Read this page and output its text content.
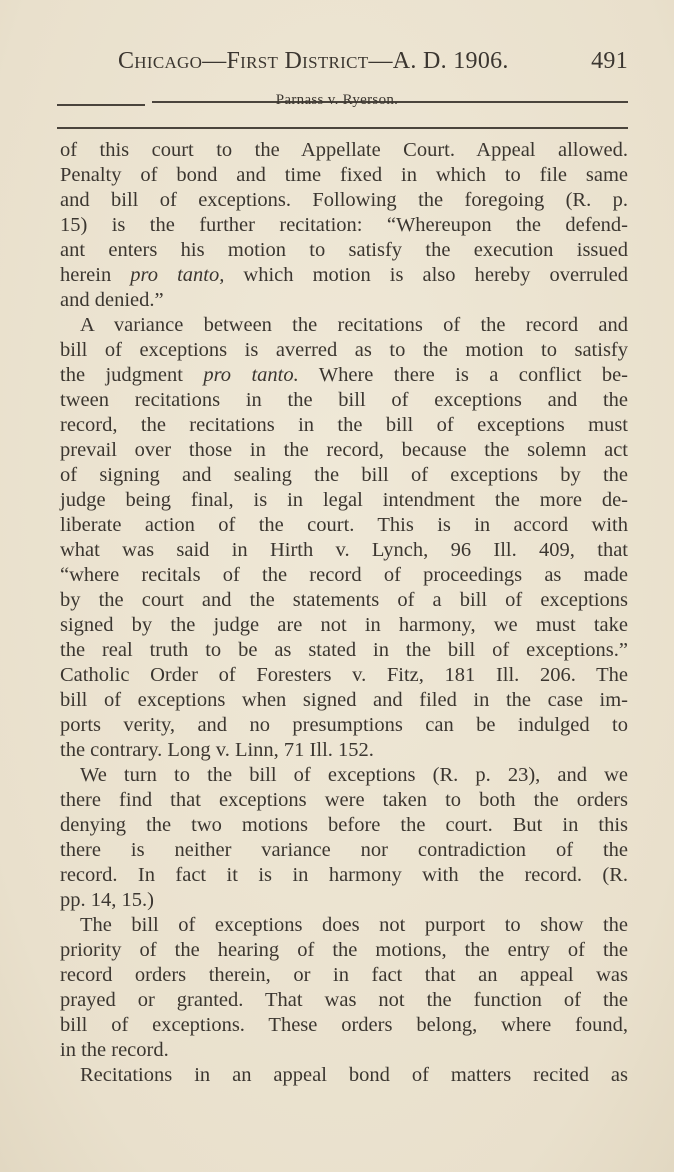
Chicago—First District—A. D. 1906.	491
Parnass v. Ryerson.
of this court to the Appellate Court. Appeal allowed.
Penalty of bond and time fixed in which to file same
and bill of exceptions. Following the foregoing (R. p.
15) is the further recitation: “Whereupon the defend-
ant enters his motion to satisfy the execution issued
herein pro tanto, which motion is also hereby overruled
and denied.”
A variance between the recitations of the record and
bill of exceptions is averred as to the motion to satisfy
the judgment pro tanto. Where there is a conflict be-
tween recitations in the bill of exceptions and the
record, the recitations in the bill of exceptions must
prevail over those in the record, because the solemn act
of signing and sealing the bill of exceptions by the
judge being final, is in legal intendment the more de-
liberate action of the court. This is in accord with
what was said in Hirth v. Lynch, 96 Ill. 409, that
“where recitals of the record of proceedings as made
by the court and the statements of a bill of exceptions
signed by the judge are not in harmony, we must take
the real truth to be as stated in the bill of exceptions.”
Catholic Order of Foresters v. Fitz, 181 Ill. 206. The
bill of exceptions when signed and filed in the case im-
ports verity, and no presumptions can be indulged to
the contrary. Long v. Linn, 71 Ill. 152.
We turn to the bill of exceptions (R. p. 23), and we
there find that exceptions were taken to both the orders
denying the two motions before the court. But in this
there is neither variance nor contradiction of the
record. In fact it is in harmony with the record. (R.
pp. 14, 15.)
The bill of exceptions does not purport to show the
priority of the hearing of the motions, the entry of the
record orders therein, or in fact that an appeal was
prayed or granted. That was not the function of the
bill of exceptions. These orders belong, where found,
in the record.
Recitations in an appeal bond of matters recited as
